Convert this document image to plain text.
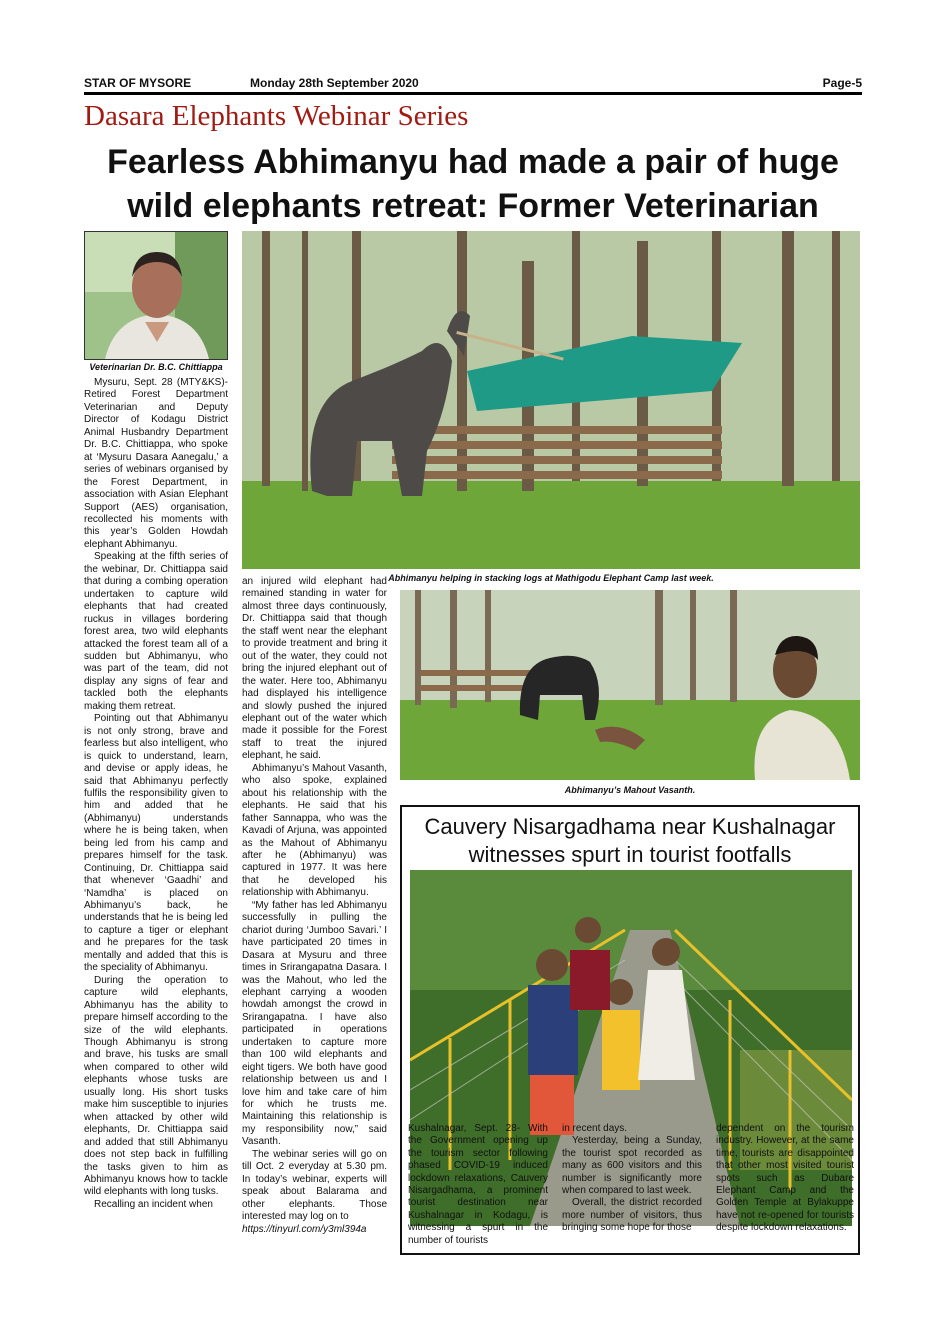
STAR OF MYSORE	Monday 28th September 2020	Page-5
Dasara Elephants Webinar Series
Fearless Abhimanyu had made a pair of huge
wild elephants retreat: Former Veterinarian
Veterinarian Dr. B.C. Chittiappa

Mysuru, Sept. 28 (MTY&KS)- Retired Forest Department Veterinarian and Deputy Director of Kodagu District Animal Husbandry Department Dr. B.C. Chittiappa, who spoke at ‘Mysuru Dasara Aanegalu,’ a series of webinars organised by the Forest Department, in association with Asian Elephant Support (AES) organisation, recollected his moments with this year’s Golden Howdah elephant Abhimanyu.

Speaking at the fifth series of the webinar, Dr. Chittiappa said that during a combing operation undertaken to capture wild elephants that had created ruckus in villages bordering forest area, two wild elephants attacked the forest team all of a sudden but Abhimanyu, who was part of the team, did not display any signs of fear and tackled both the elephants making them retreat.

Pointing out that Abhimanyu is not only strong, brave and fearless but also intelligent, who is quick to understand, learn, and devise or apply ideas, he said that Abhimanyu perfectly fulfils the responsibility given to him and added that he (Abhimanyu) understands where he is being taken, when being led from his camp and prepares himself for the task. Continuing, Dr. Chittiappa said that whenever ‘Gaadhi’ and ‘Namdha’ is placed on Abhimanyu’s back, he understands that he is being led to capture a tiger or elephant and he prepares for the task mentally and added that this is the speciality of Abhimanyu.

During the operation to capture wild elephants, Abhimanyu has the ability to prepare himself according to the size of the wild elephants. Though Abhimanyu is strong and brave, his tusks are small when compared to other wild elephants whose tusks are usually long. His short tusks make him susceptible to injuries when attacked by other wild elephants, Dr. Chittiappa said and added that still Abhimanyu does not step back in fulfilling the tasks given to him as Abhimanyu knows how to tackle wild elephants with long tusks.

Recalling an incident when

Abhimanyu helping in stacking logs at Mathigodu Elephant Camp last week.

an injured wild elephant had remained standing in water for almost three days continuously, Dr. Chittiappa said that though the staff went near the elephant to provide treatment and bring it out of the water, they could not bring the injured elephant out of the water. Here too, Abhimanyu had displayed his intelligence and slowly pushed the injured elephant out of the water which made it possible for the Forest staff to treat the injured elephant, he said.

Abhimanyu’s Mahout Vasanth, who also spoke, explained about his relationship with the elephants. He said that his father Sannappa, who was the Kavadi of Arjuna, was appointed as the Mahout of Abhimanyu after he (Abhimanyu) was captured in 1977. It was here that he developed his relationship with Abhimanyu.

“My father has led Abhimanyu successfully in pulling the chariot during ‘Jumboo Savari.’ I have participated 20 times in Dasara at Mysuru and three times in Srirangapatna Dasara. I was the Mahout, who led the elephant carrying a wooden howdah amongst the crowd in Srirangapatna. I have also participated in operations undertaken to capture more than 100 wild elephants and eight tigers. We both have good relationship between us and I love him and take care of him for which he trusts me. Maintaining this relationship is my responsibility now,” said Vasanth.

The webinar series will go on till Oct. 2 everyday at 5.30 pm. In today’s webinar, experts will speak about Balarama and other elephants. Those interested may log on to

https://tinyurl.com/y3ml394a
Abhimanyu’s Mahout Vasanth.
Cauvery Nisargadhama near Kushalnagar
witnesses spurt in tourist footfalls

Kushalnagar, Sept. 28- With the Government opening up the tourism sector following phased COVID-19 induced lockdown relaxations, Cauvery Nisargadhama, a prominent tourist destination near Kushalnagar in Kodagu, is witnessing a spurt in the number of tourists

in recent days.

Yesterday, being a Sunday, the tourist spot recorded as many as 600 visitors and this number is significantly more when compared to last week.

Overall, the district recorded more number of visitors, thus bringing some hope for those

dependent on the tourism industry. However, at the same time, tourists are disappointed that other most visited tourist spots such as Dubare Elephant Camp and the Golden Temple at Bylakuppe have not re-opened for tourists despite lockdown relaxations.
